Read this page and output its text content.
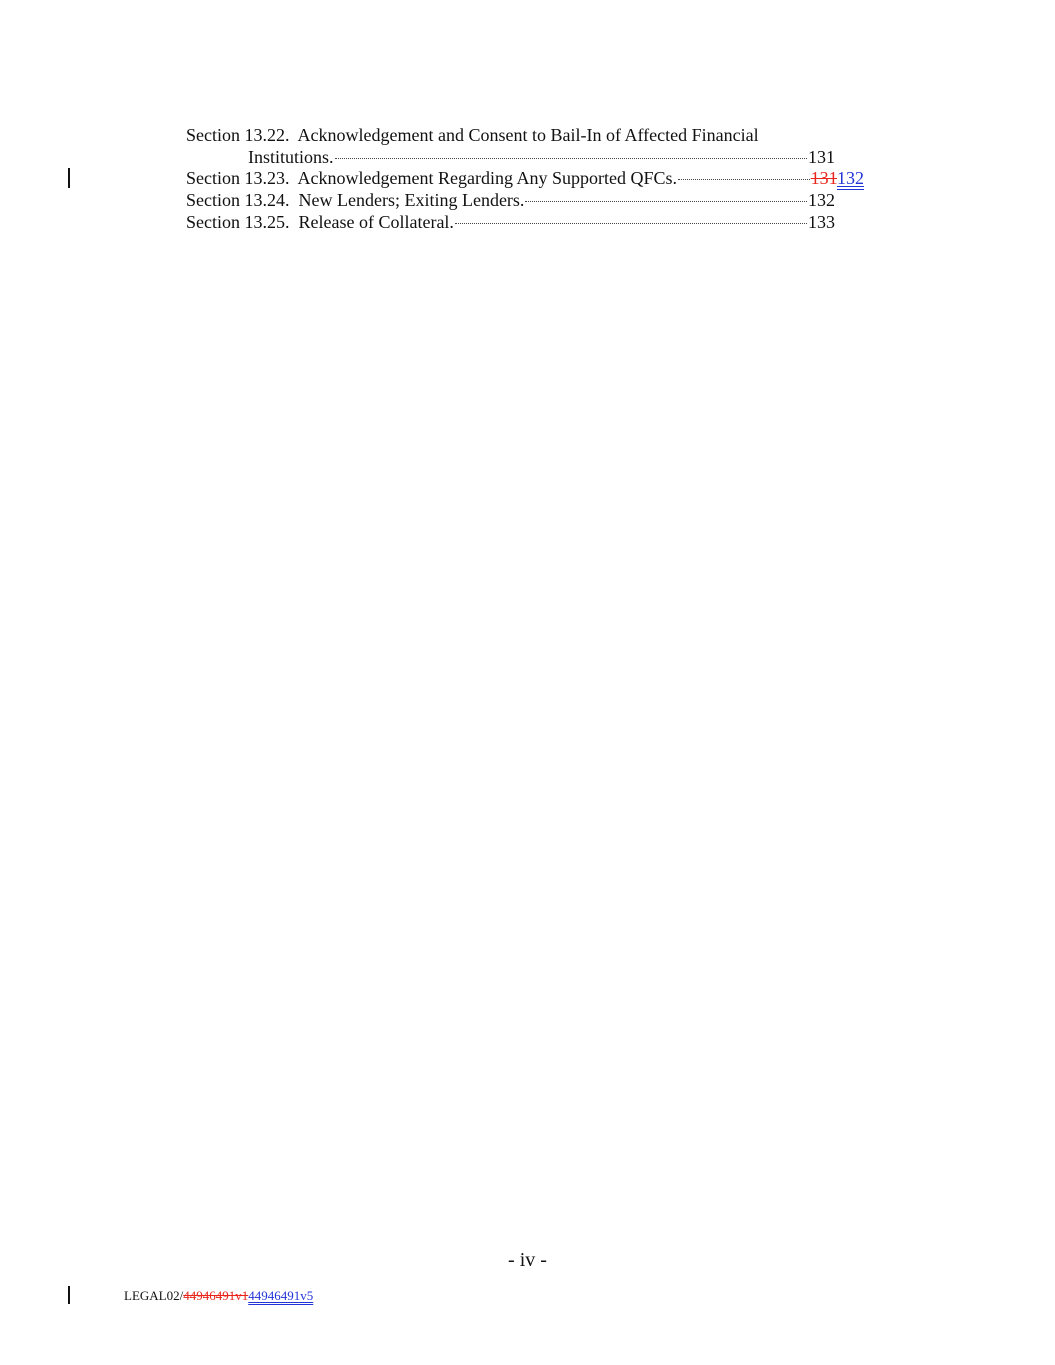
Section 13.22. Acknowledgement and Consent to Bail-In of Affected Financial
Institutions.	131
Section 13.23. Acknowledgement Regarding Any Supported QFCs.	131132
Section 13.24. New Lenders; Exiting Lenders.	132
Section 13.25. Release of Collateral.	133
- iv -
LEGAL02/44946491v144946491v5
